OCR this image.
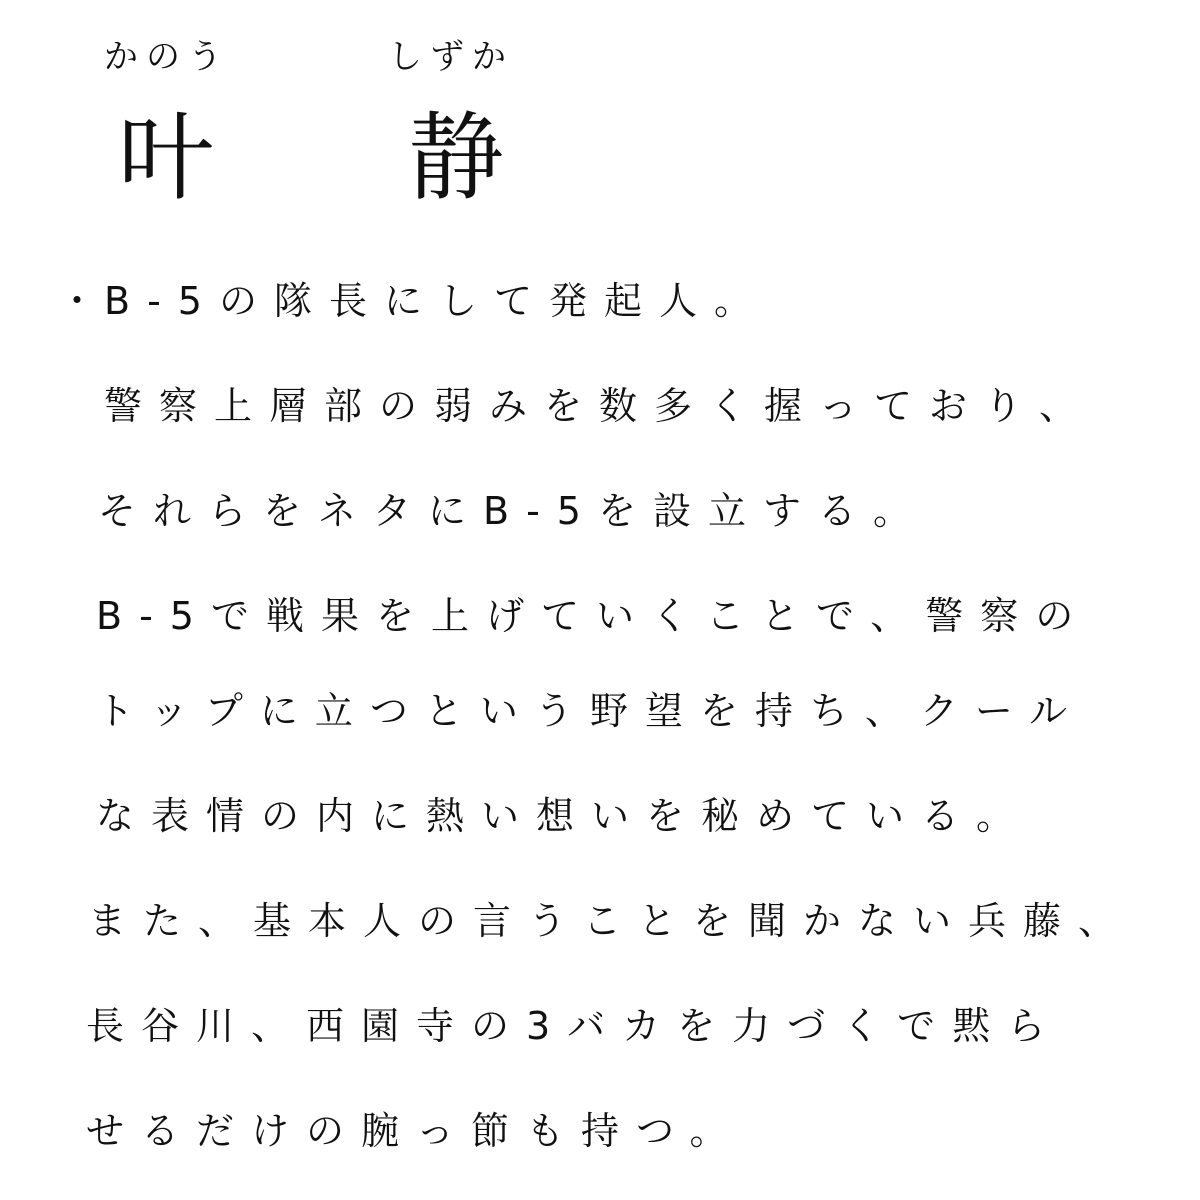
かのう	しずか
叶 静
・ B-5の隊長にして発起人。
警察上層部の弱みを数多く握っており、
それらをネタにB-5を設立する。
B-5で戦果を上げていくことで、警察の
トップに立つという野望を持ち、クール
な表情の内に熱い想いを秘めている。
また、基本人の言うことを聞かない兵藤、
長谷川、西園寺の3バカを力づくで黙ら
せるだけの腕っ節も持つ。
